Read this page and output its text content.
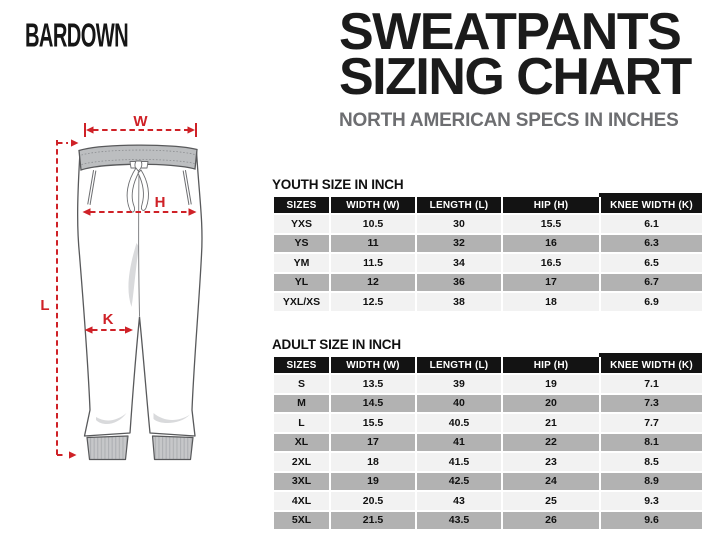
BARDOWN	SWEATPANTS
SIZING CHART
NORTH AMERICAN SPECS IN INCHES
W
H
K
L
YOUTH SIZE IN INCH
SIZES	WIDTH (W)	LENGTH (L)	HIP (H)	KNEE WIDTH (K)
YXS	10.5	30	15.5	6.1
YS	11	32	16	6.3
YM	11.5	34	16.5	6.5
YL	12	36	17	6.7
YXL/XS	12.5	38	18	6.9
ADULT SIZE IN INCH
SIZES	WIDTH (W)	LENGTH (L)	HIP (H)	KNEE WIDTH (K)
S	13.5	39	19	7.1
M	14.5	40	20	7.3
L	15.5	40.5	21	7.7
XL	17	41	22	8.1
2XL	18	41.5	23	8.5
3XL	19	42.5	24	8.9
4XL	20.5	43	25	9.3
5XL	21.5	43.5	26	9.6
